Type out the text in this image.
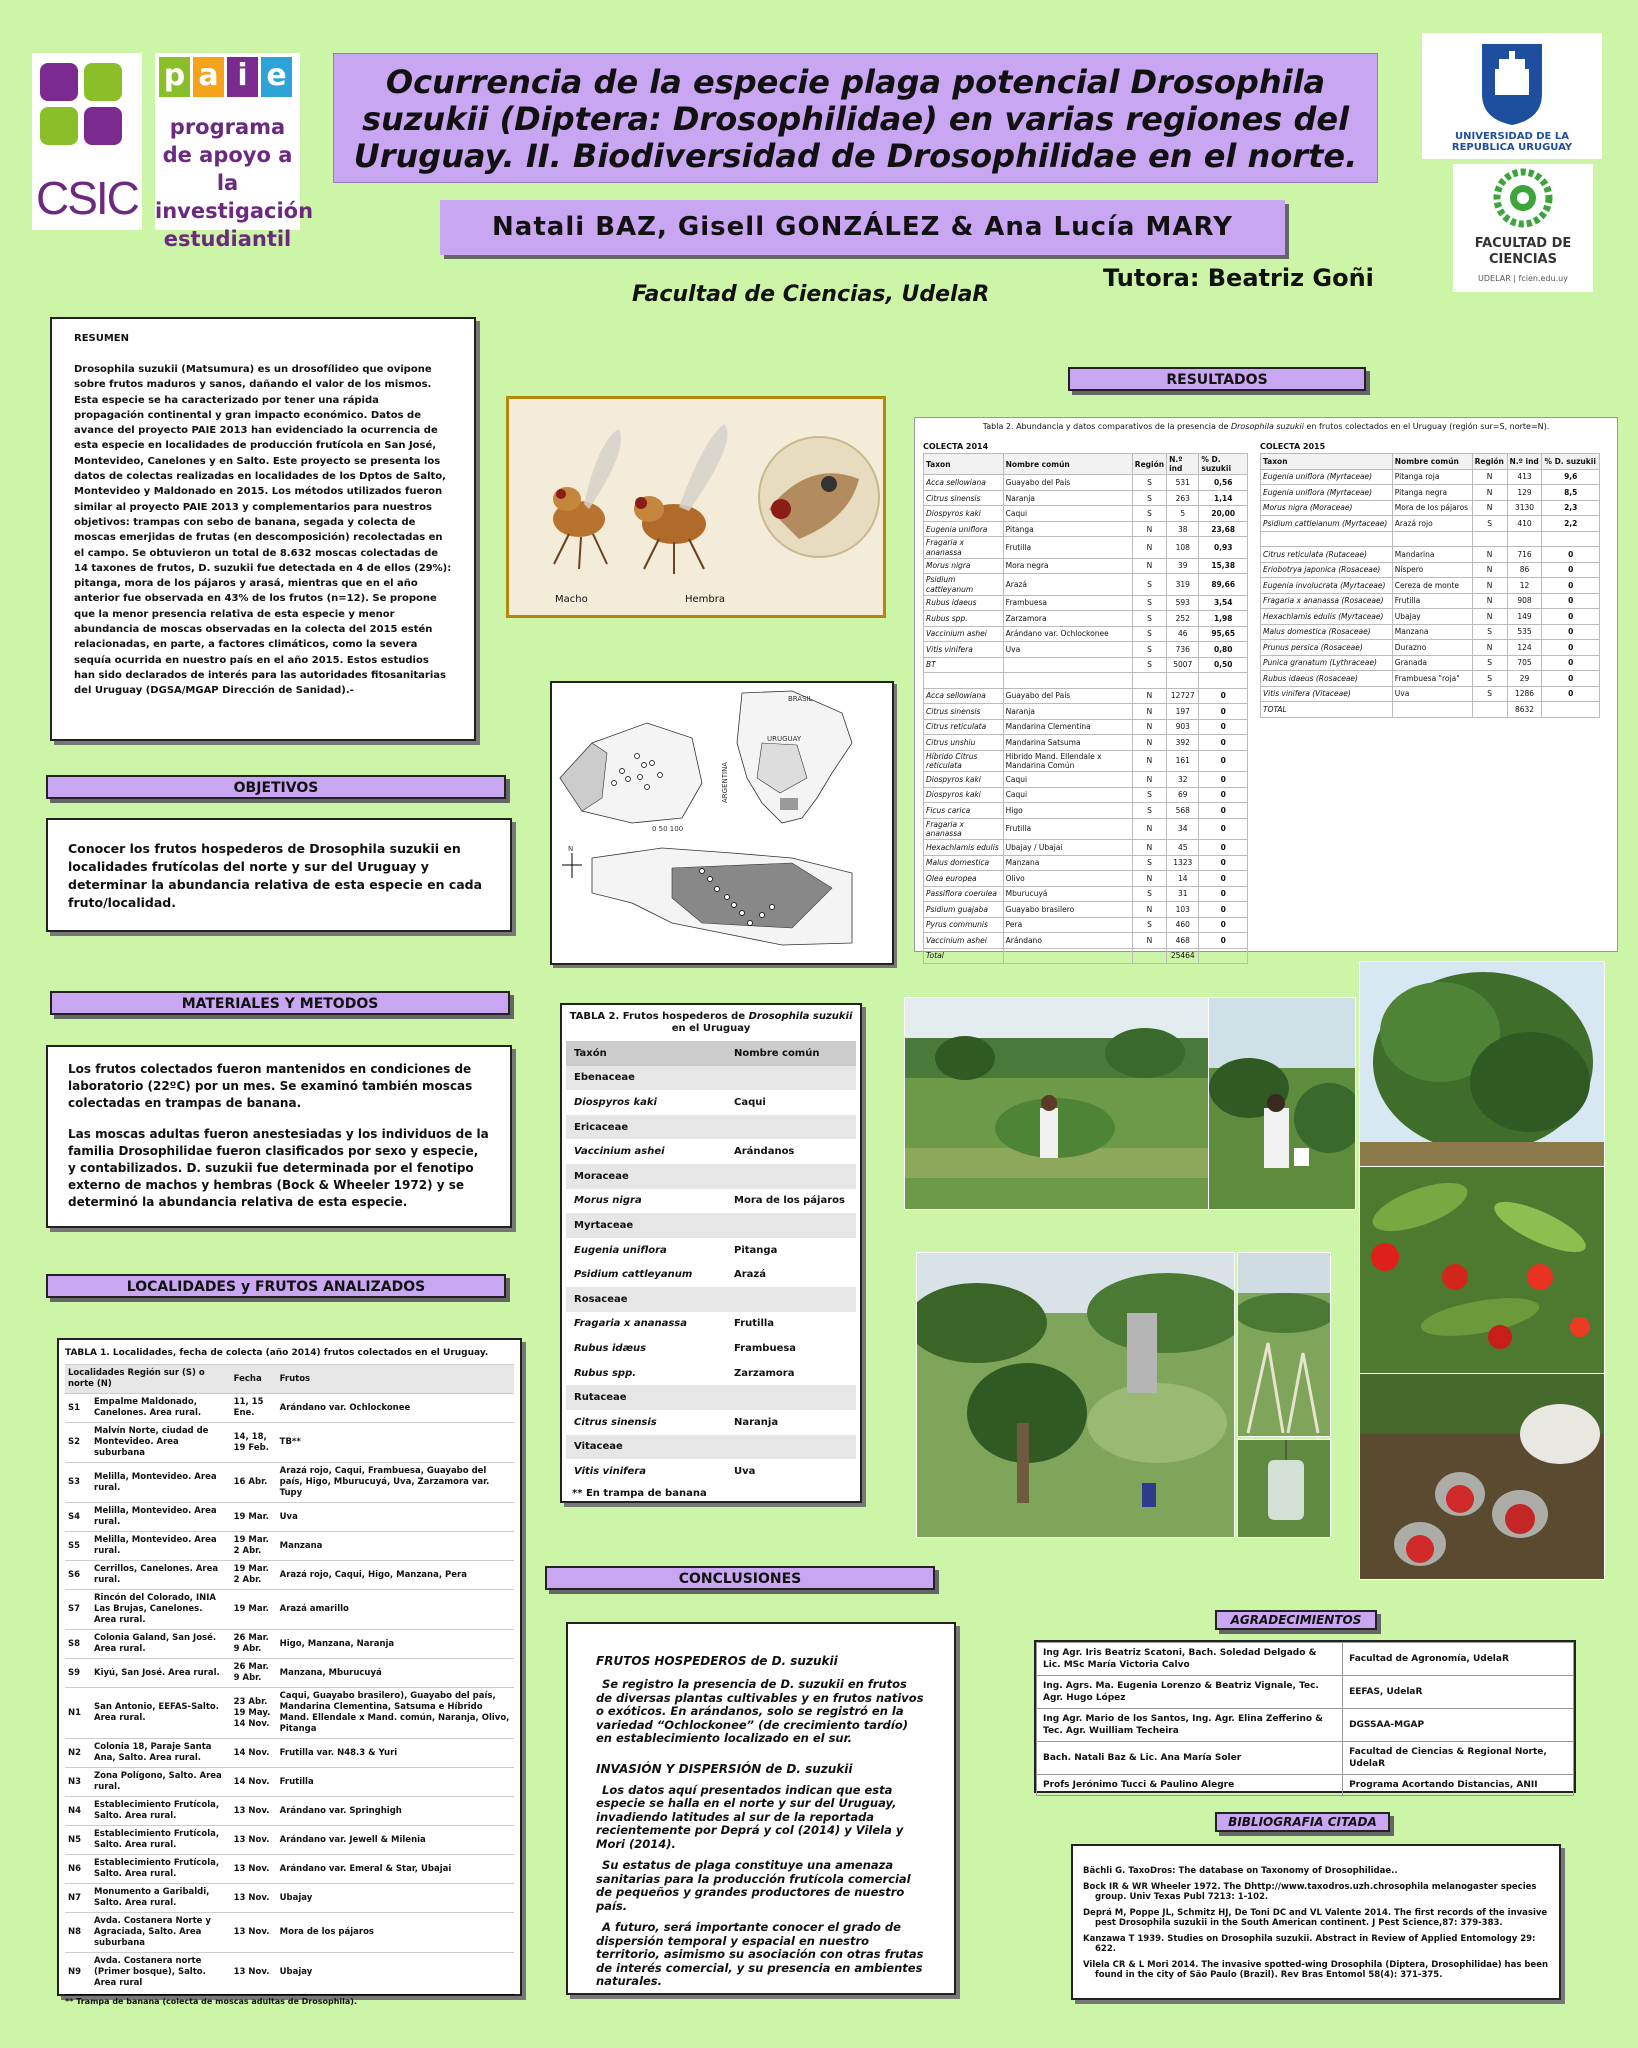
CSIC
p a i e
programa de apoyo a la investigación estudiantil
Ocurrencia de la especie plaga potencial Drosophila suzukii (Diptera: Drosophilidae) en varias regiones del Uruguay. II. Biodiversidad de Drosophilidae en el norte.
Natali BAZ, Gisell GONZÁLEZ & Ana Lucía MARY
Facultad de Ciencias, UdelaR
Tutora: Beatriz Goñi
UNIVERSIDAD DE LA REPUBLICA URUGUAY
FACULTAD DE CIENCIAS
UDELAR | fcien.edu.uy
RESUMEN
Drosophila suzukii (Matsumura) es un drosofílideo que ovipone sobre frutos maduros y sanos, dañando el valor de los mismos. Esta especie se ha caracterizado por tener una rápida propagación continental y gran impacto económico. Datos de avance del proyecto PAIE 2013 han evidenciado la ocurrencia de esta especie en localidades de producción frutícola en San José, Montevideo, Canelones y en Salto. Este proyecto se presenta los datos de colectas realizadas en localidades de los Dptos de Salto, Montevideo y Maldonado en 2015. Los métodos utilizados fueron similar al proyecto PAIE 2013 y complementarios para nuestros objetivos: trampas con sebo de banana, segada y colecta de moscas emerjidas de frutas (en descomposición) recolectadas en el campo. Se obtuvieron un total de 8.632 moscas colectadas de 14 taxones de frutos, D. suzukii fue detectada en 4 de ellos (29%): pitanga, mora de los pájaros y arasá, mientras que en el año anterior fue observada en 43% de los frutos (n=12). Se propone que la menor presencia relativa de esta especie y menor abundancia de moscas observadas en la colecta del 2015 estén relacionadas, en parte, a factores climáticos, como la severa sequía ocurrida en nuestro país en el año 2015. Estos estudios han sido declarados de interés para las autoridades fitosanitarias del Uruguay (DGSA/MGAP Dirección de Sanidad).-
OBJETIVOS
Conocer los frutos hospederos de Drosophila suzukii en localidades frutícolas del norte y sur del Uruguay y determinar la abundancia relativa de esta especie en cada fruto/localidad.
MATERIALES Y METODOS
Los frutos colectados fueron mantenidos en condiciones de laboratorio (22ºC) por un mes. Se examinó también moscas colectadas en trampas de banana.
Las moscas adultas fueron anestesiadas y los individuos de la familia Drosophilidae fueron clasificados por sexo y especie, y contabilizados. D. suzukii fue determinada por el fenotipo externo de machos y hembras (Bock & Wheeler 1972) y se determinó la abundancia relativa de esta especie.
LOCALIDADES y FRUTOS ANALIZADOS
TABLA 1. Localidades, fecha de colecta (año 2014) frutos colectados en el Uruguay.
Localidades Región sur (S) o norte (N)		Fecha	Frutos
S1	Empalme Maldonado, Canelones. Area rural.	11, 15 Ene.	Arándano var. Ochlockonee
S2	Malvín Norte, ciudad de Montevideo. Area suburbana	14, 18, 19 Feb.	TB**
S3	Melilla, Montevideo. Area rural.	16 Abr.	Arazá rojo, Caqui, Frambuesa, Guayabo del país, Higo, Mburucuyá, Uva, Zarzamora var. Tupy
S4	Melilla, Montevideo. Area rural.	19 Mar.	Uva
S5	Melilla, Montevideo. Area rural.	19 Mar. 2 Abr.	Manzana
S6	Cerrillos, Canelones. Area rural.	19 Mar. 2 Abr.	Arazá rojo, Caqui, Higo, Manzana, Pera
S7	Rincón del Colorado, INIA Las Brujas, Canelones. Area rural.	19 Mar.	Arazá amarillo
S8	Colonia Galand, San José. Area rural.	26 Mar. 9 Abr.	Higo, Manzana, Naranja
S9	Kiyú, San José. Area rural.	26 Mar. 9 Abr.	Manzana, Mburucuyá
N1	San Antonio, EEFAS-Salto. Area rural.	23 Abr. 19 May. 14 Nov.	Caqui, Guayabo brasilero), Guayabo del país, Mandarina Clementina, Satsuma e Híbrido Mand. Ellendale x Mand. común, Naranja, Olivo, Pitanga
N2	Colonia 18, Paraje Santa Ana, Salto. Area rural.	14 Nov.	Frutilla var. N48.3 & Yuri
N3	Zona Polígono, Salto. Area rural.	14 Nov.	Frutilla
N4	Establecimiento Frutícola, Salto. Area rural.	13 Nov.	Arándano var. Springhigh
N5	Establecimiento Frutícola, Salto. Area rural.	13 Nov.	Arándano var. Jewell & Milenia
N6	Establecimiento Frutícola, Salto. Area rural.	13 Nov.	Arándano var. Emeral & Star, Ubajai
N7	Monumento a Garibaldi, Salto. Area rural.	13 Nov.	Ubajay
N8	Avda. Costanera Norte y Agraciada, Salto. Area suburbana	13 Nov.	Mora de los pájaros
N9	Avda. Costanera norte (Primer bosque), Salto. Area rural	13 Nov.	Ubajay
** Trampa de banana (colecta de moscas adultas de Drosophila).
Macho	Hembra
BRASIL
URUGUAY
ARGENTINA
0 50 100
N
RESULTADOS
Tabla 2. Abundancia y datos comparativos de la presencia de Drosophila suzukii en frutos colectados en el Uruguay (región sur=S, norte=N).
COLECTA 2014
Taxon	Nombre común	Región	N.º ind	% D. suzukii
Acca sellowiana	Guayabo del País	S	531	0,56
Citrus sinensis	Naranja	S	263	1,14
Diospyros kaki	Caqui	S	5	20,00
Eugenia uniflora	Pitanga	N	38	23,68
Fragaria x ananassa	Frutilla	N	108	0,93
Morus nigra	Mora negra	N	39	15,38
Psidium cattleyanum	Arazá	S	319	89,66
Rubus idaeus	Frambuesa	S	593	3,54
Rubus spp.	Zarzamora	S	252	1,98
Vaccinium ashei	Arándano var. Ochlockonee	S	46	95,65
Vitis vinifera	Uva	S	736	0,80
BT		S	5007	0,50

Acca sellowiana	Guayabo del País	N	12727	0
Citrus sinensis	Naranja	N	197	0
Citrus reticulata	Mandarina Clementina	N	903	0
Citrus unshiu	Mandarina Satsuma	N	392	0
Híbrido Citrus reticulata	Hibrido Mand. Ellendale x Mandarina Común	N	161	0
Diospyros kaki	Caqui	N	32	0
Diospyros kaki	Caqui	S	69	0
Ficus carica	Higo	S	568	0
Fragaria x ananassa	Frutilla	N	34	0
Hexachlamis edulis	Ubajay / Ubajai	N	45	0
Malus domestica	Manzana	S	1323	0
Olea europea	Olivo	N	14	0
Passiflora coerulea	Mburucuyá	S	31	0
Psidium guajaba	Guayabo brasilero	N	103	0
Pyrus communis	Pera	S	460	0
Vaccinium ashei	Arándano	N	468	0
Total			25464	
COLECTA 2015
Taxon	Nombre común	Región	N.º ind	% D. suzukii
Eugenia uniflora (Myrtaceae)	Pitanga roja	N	413	9,6
Eugenia uniflora (Myrtaceae)	Pitanga negra	N	129	8,5
Morus nigra (Moraceae)	Mora de los pájaros	N	3130	2,3
Psidium cattleianum (Myrtaceae)	Arazá rojo	S	410	2,2

Citrus reticulata (Rutaceae)	Mandarina	N	716	0
Eriobotrya japonica (Rosaceae)	Níspero	N	86	0
Eugenia involucrata (Myrtaceae)	Cereza de monte	N	12	0
Fragaria x ananassa (Rosaceae)	Frutilla	N	908	0
Hexachlamis edulis (Myrtaceae)	Ubajay	N	149	0
Malus domestica (Rosaceae)	Manzana	S	535	0
Prunus persica (Rosaceae)	Durazno	N	124	0
Punica granatum (Lythraceae)	Granada	S	705	0
Rubus idaeus (Rosaceae)	Frambuesa "roja"	S	29	0
Vitis vinifera (Vitaceae)	Uva	S	1286	0
TOTAL			8632	
TABLA 2. Frutos hospederos de Drosophila suzukii en el Uruguay
Taxón	Nombre común
Ebenaceae	
Diospyros kaki	Caqui
Ericaceae	
Vaccinium ashei	Arándanos
Moraceae	
Morus nigra	Mora de los pájaros
Myrtaceae	
Eugenia uniflora	Pitanga
Psidium cattleyanum	Arazá
Rosaceae	
Fragaria x ananassa	Frutilla
Rubus idæus	Frambuesa
Rubus spp.	Zarzamora
Rutaceae	
Citrus sinensis	Naranja
Vitaceae	
Vitis vinifera	Uva
** En trampa de banana
CONCLUSIONES
FRUTOS HOSPEDEROS de D. suzukii
Se registro la presencia de D. suzukii en frutos de diversas plantas cultivables y en frutos nativos o exóticos. En arándanos, solo se registró en la variedad “Ochlockonee” (de crecimiento tardío) en establecimiento localizado en el sur.
INVASIÓN Y DISPERSIÓN de D. suzukii
Los datos aquí presentados indican que esta especie se halla en el norte y sur del Uruguay, invadiendo latitudes al sur de la reportada recientemente por Deprá y col (2014) y Vilela y Mori (2014).
Su estatus de plaga constituye una amenaza sanitarias para la producción frutícola comercial de pequeños y grandes productores de nuestro país.
A futuro, será importante conocer el grado de dispersión temporal y espacial en nuestro territorio, asimismo su asociación con otras frutas de interés comercial, y su presencia en ambientes naturales.
AGRADECIMIENTOS
Ing Agr. Iris Beatriz Scatoni, Bach. Soledad Delgado & Lic. MSc María Victoria Calvo	Facultad de Agronomía, UdelaR
Ing. Agrs. Ma. Eugenia Lorenzo & Beatriz Vignale, Tec. Agr. Hugo López	EEFAS, UdelaR
Ing Agr. Mario de los Santos, Ing. Agr. Elina Zefferino & Tec. Agr. Wuilliam Techeira	DGSSAA-MGAP
Bach. Natali Baz & Lic. Ana María Soler	Facultad de Ciencias & Regional Norte, UdelaR
Profs Jerónimo Tucci & Paulino Alegre	Programa Acortando Distancias, ANII
BIBLIOGRAFIA CITADA
Bächli G. TaxoDros: The database on Taxonomy of Drosophilidae..
Bock IR & WR Wheeler 1972. The Dhttp://www.taxodros.uzh.chrosophila melanogaster species group. Univ Texas Publ 7213: 1-102.
Deprá M, Poppe JL, Schmitz HJ, De Toni DC and VL Valente 2014. The first records of the invasive pest Drosophila suzukii in the South American continent. J Pest Science,87: 379-383.
Kanzawa T 1939. Studies on Drosophila suzukii. Abstract in Review of Applied Entomology 29: 622.
Vilela CR & L Mori 2014. The invasive spotted-wing Drosophila (Diptera, Drosophilidae) has been found in the city of São Paulo (Brazil). Rev Bras Entomol 58(4): 371-375.
